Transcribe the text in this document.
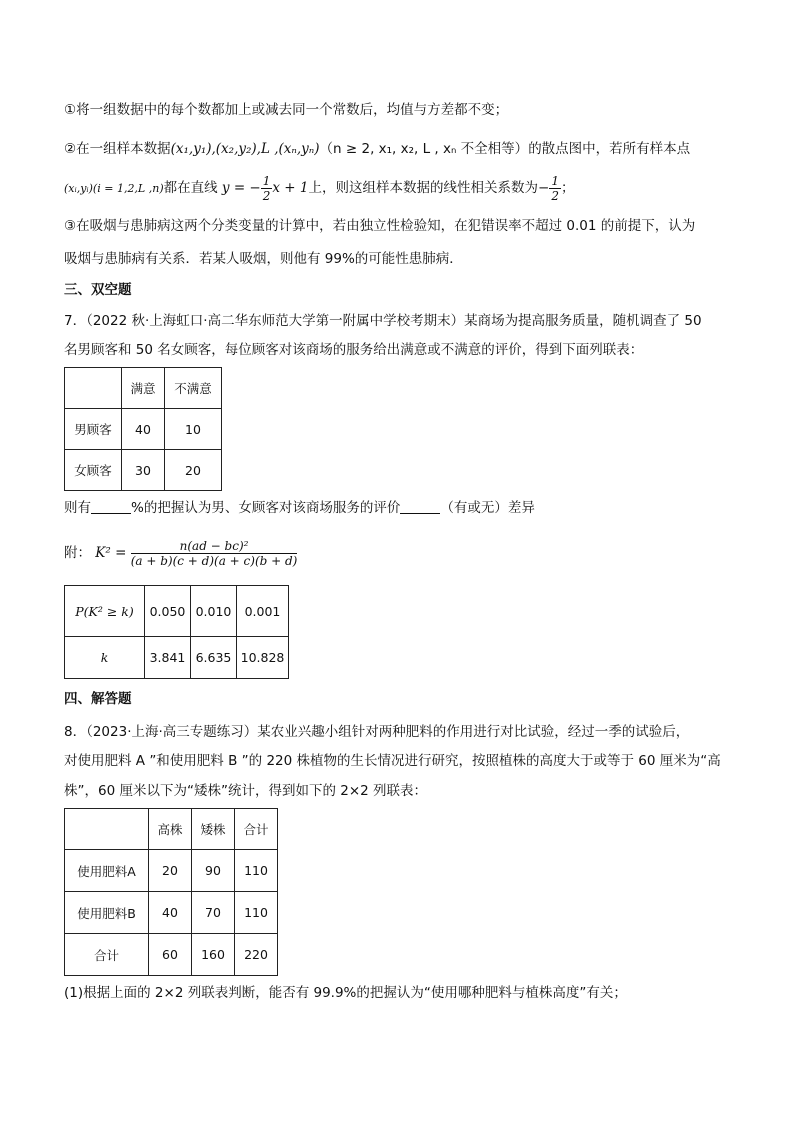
①将一组数据中的每个数都加上或减去同一个常数后，均值与方差都不变；
②在一组样本数据(x₁,y₁),(x₂,y₂),L ,(xₙ,yₙ)（n ≥ 2, x₁, x₂, L , xₙ 不全相等）的散点图中，若所有样本点
(xᵢ,yᵢ)(i = 1,2,L ,n)都在直线 y = − $\frac{1}{2}$ x + 1上，则这组样本数据的线性相关系数为− $\frac{1}{2}$ ；
③在吸烟与患肺病这两个分类变量的计算中，若由独立性检验知，在犯错误率不超过 0.01 的前提下，认为
吸烟与患肺病有关系．若某人吸烟，则他有 99%的可能性患肺病．
三、双空题
7．（2022 秋·上海虹口·高二华东师范大学第一附属中学校考期末）某商场为提高服务质量，随机调查了 50
名男顾客和 50 名女顾客，每位顾客对该商场的服务给出满意或不满意的评价，得到下面列联表：
	满意	不满意
男顾客	40	10
女顾客	30	20
则有	%的把握认为男、女顾客对该商场服务的评价	（有或无）差异
附： $K^2 = \frac{\text{n(ad − bc)²}}{(a + b)(c + d)(a + c)(b + d)}$
P(K² ≥ k)	0.050	0.010	0.001
k	3.841	6.635	10.828
四、解答题
8．（2023·上海·高三专题练习）某农业兴趣小组针对两种肥料的作用进行对比试验，经过一季的试验后，
对使用肥料 A ”和使用肥料 B ”的 220 株植物的生长情况进行研究，按照植株的高度大于或等于 60 厘米为“高
株”，60 厘米以下为“矮株”统计，得到如下的 2×2 列联表：
	高株	矮株	合计
使用肥料A	20	90	110
使用肥料B	40	70	110
合计	60	160	220
(1)根据上面的 2×2 列联表判断，能否有 99.9%的把握认为“使用哪种肥料与植株高度”有关；
